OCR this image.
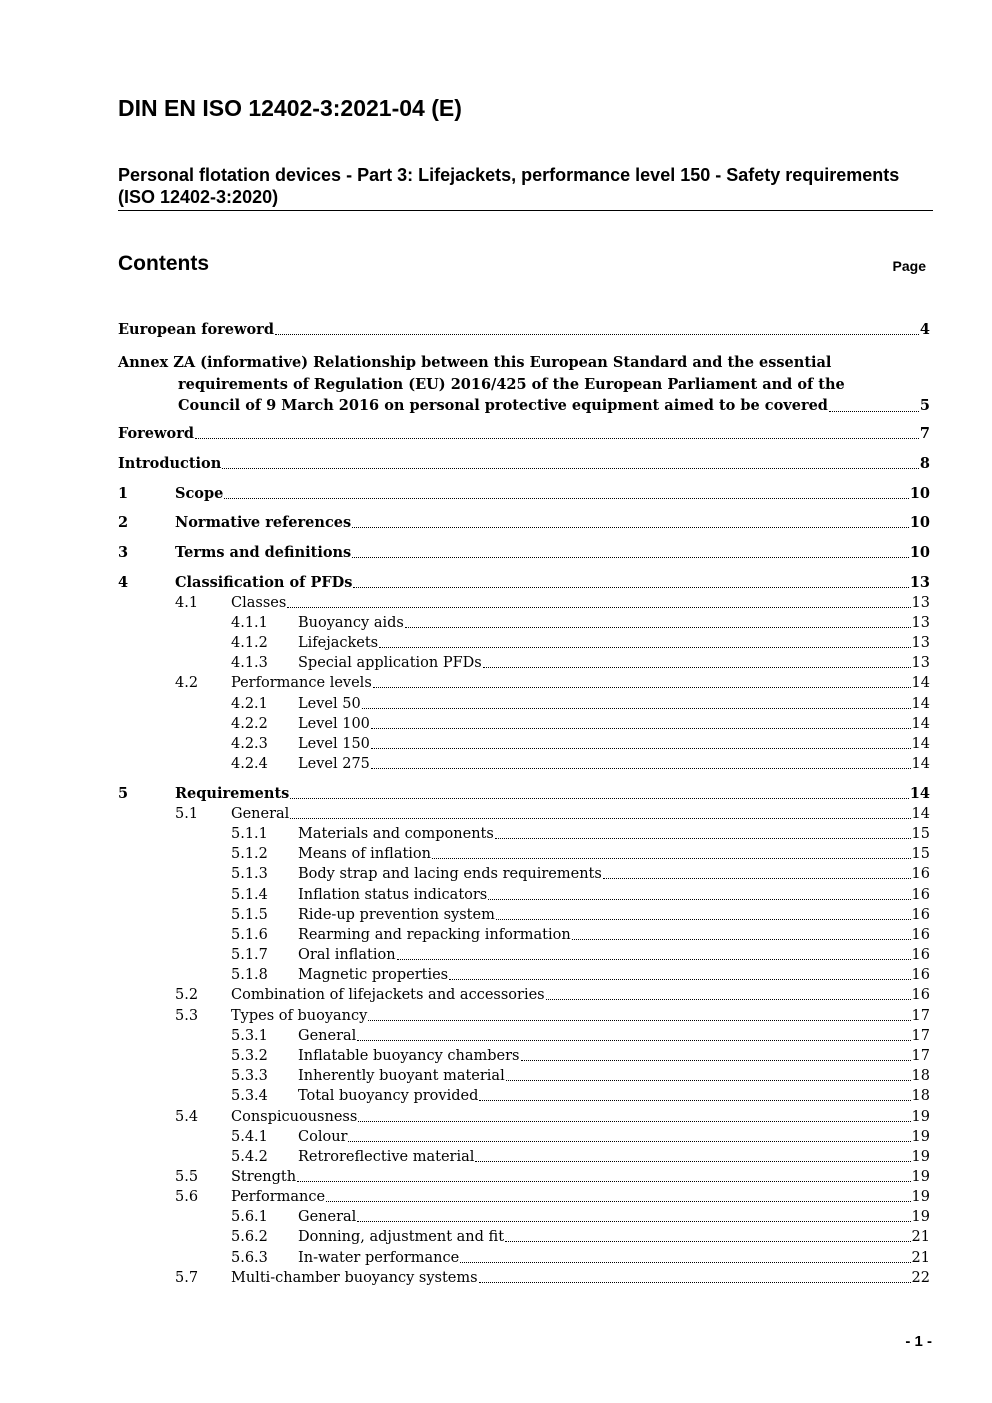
DIN EN ISO 12402-3:2021-04 (E)

Personal flotation devices - Part 3: Lifejackets, performance level 150 - Safety requirements (ISO 12402-3:2020)

Contents	Page
European foreword	4
Annex ZA (informative) Relationship between this European Standard and the essential
requirements of Regulation (EU) 2016/425 of the European Parliament and of the
Council of 9 March 2016 on personal protective equipment aimed to be covered	5
Foreword	7
Introduction	8
1	Scope	10
2	Normative references	10
3	Terms and definitions	10
4	Classification of PFDs	13
4.1	Classes	13
4.1.1	Buoyancy aids	13
4.1.2	Lifejackets	13
4.1.3	Special application PFDs	13
4.2	Performance levels	14
4.2.1	Level 50	14
4.2.2	Level 100	14
4.2.3	Level 150	14
4.2.4	Level 275	14
5	Requirements	14
5.1	General	14
5.1.1	Materials and components	15
5.1.2	Means of inflation	15
5.1.3	Body strap and lacing ends requirements	16
5.1.4	Inflation status indicators	16
5.1.5	Ride-up prevention system	16
5.1.6	Rearming and repacking information	16
5.1.7	Oral inflation	16
5.1.8	Magnetic properties	16
5.2	Combination of lifejackets and accessories	16
5.3	Types of buoyancy	17
5.3.1	General	17
5.3.2	Inflatable buoyancy chambers	17
5.3.3	Inherently buoyant material	18
5.3.4	Total buoyancy provided	18
5.4	Conspicuousness	19
5.4.1	Colour	19
5.4.2	Retroreflective material	19
5.5	Strength	19
5.6	Performance	19
5.6.1	General	19
5.6.2	Donning, adjustment and fit	21
5.6.3	In-water performance	21
5.7	Multi-chamber buoyancy systems	22
- 1 -
